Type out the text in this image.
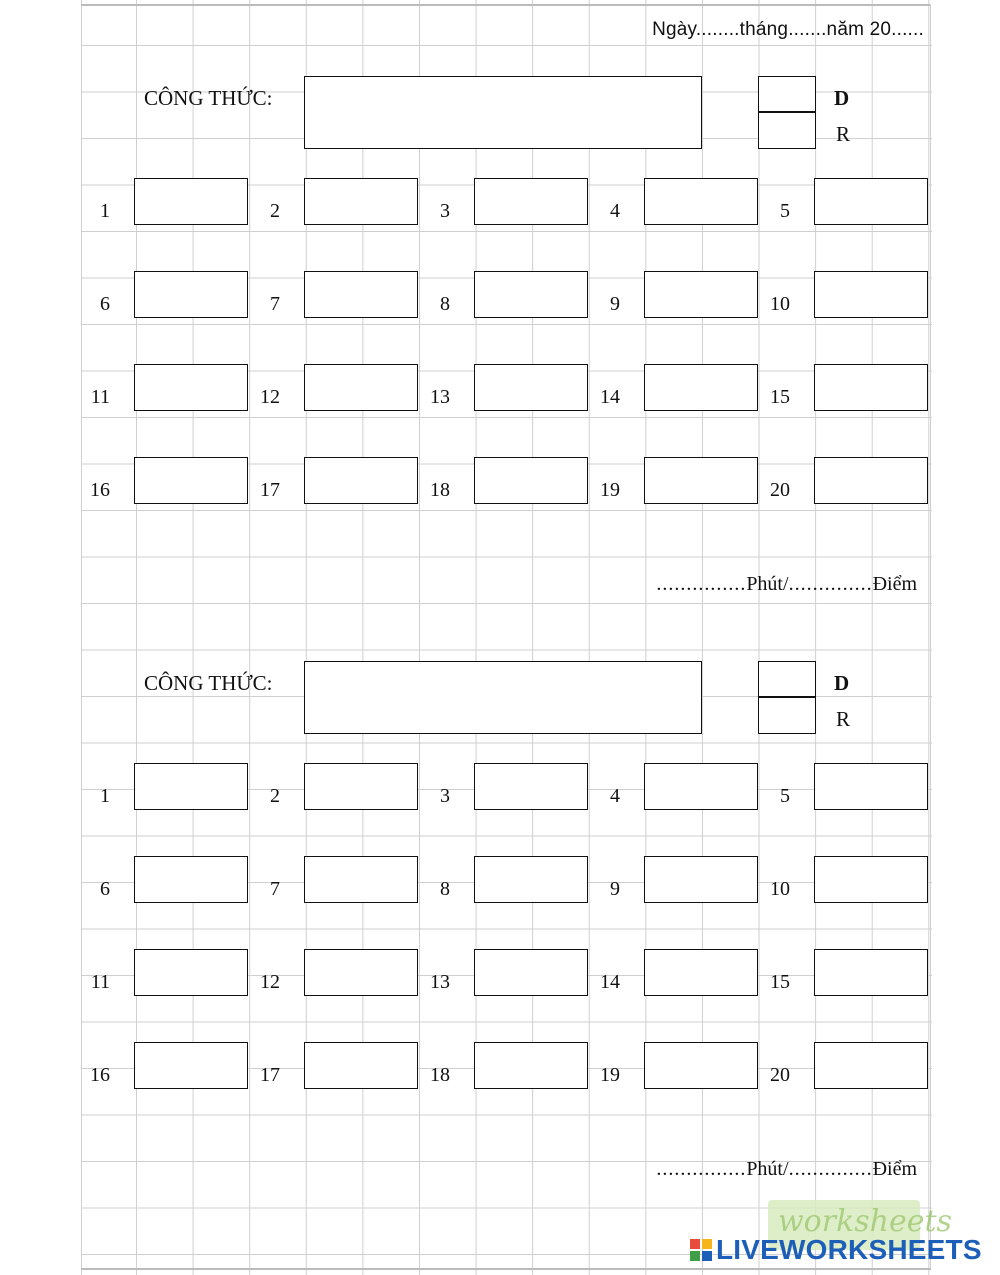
Ngày........tháng.......năm 20......
CÔNG THỨC:	D
R
1	2	3	4	5
6	7	8	9	10
11	12	13	14	15
16	17	18	19	20
...............Phút/..............Điểm
CÔNG THỨC:	D
R
1	2	3	4	5
6	7	8	9	10
11	12	13	14	15
16	17	18	19	20
...............Phút/..............Điểm
worksheets
LIVEWORKSHEETS
